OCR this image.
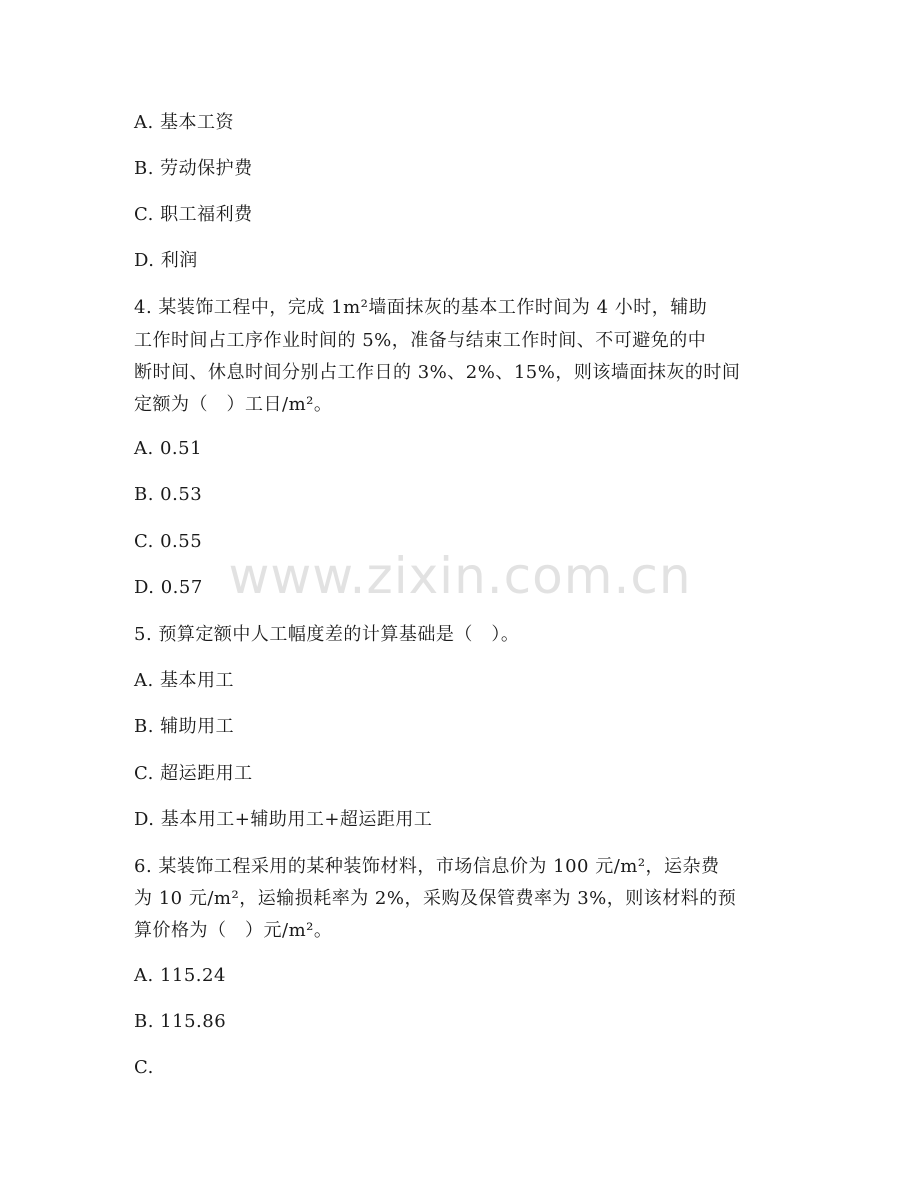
A. 基本工资
B. 劳动保护费
C. 职工福利费
D. 利润
4. 某装饰工程中，完成 1m²墙面抹灰的基本工作时间为 4 小时，辅助
工作时间占工序作业时间的 5%，准备与结束工作时间、不可避免的中
断时间、休息时间分别占工作日的 3%、2%、15%，则该墙面抹灰的时间
定额为（　）工日/m²。
A. 0.51
B. 0.53
C. 0.55
D. 0.57
5. 预算定额中人工幅度差的计算基础是（　）。
A. 基本用工
B. 辅助用工
C. 超运距用工
D. 基本用工+辅助用工+超运距用工
6. 某装饰工程采用的某种装饰材料，市场信息价为 100 元/m²，运杂费
为 10 元/m²，运输损耗率为 2%，采购及保管费率为 3%，则该材料的预
算价格为（　）元/m²。
A. 115.24
B. 115.86
C.
www.zixin.com.cn
